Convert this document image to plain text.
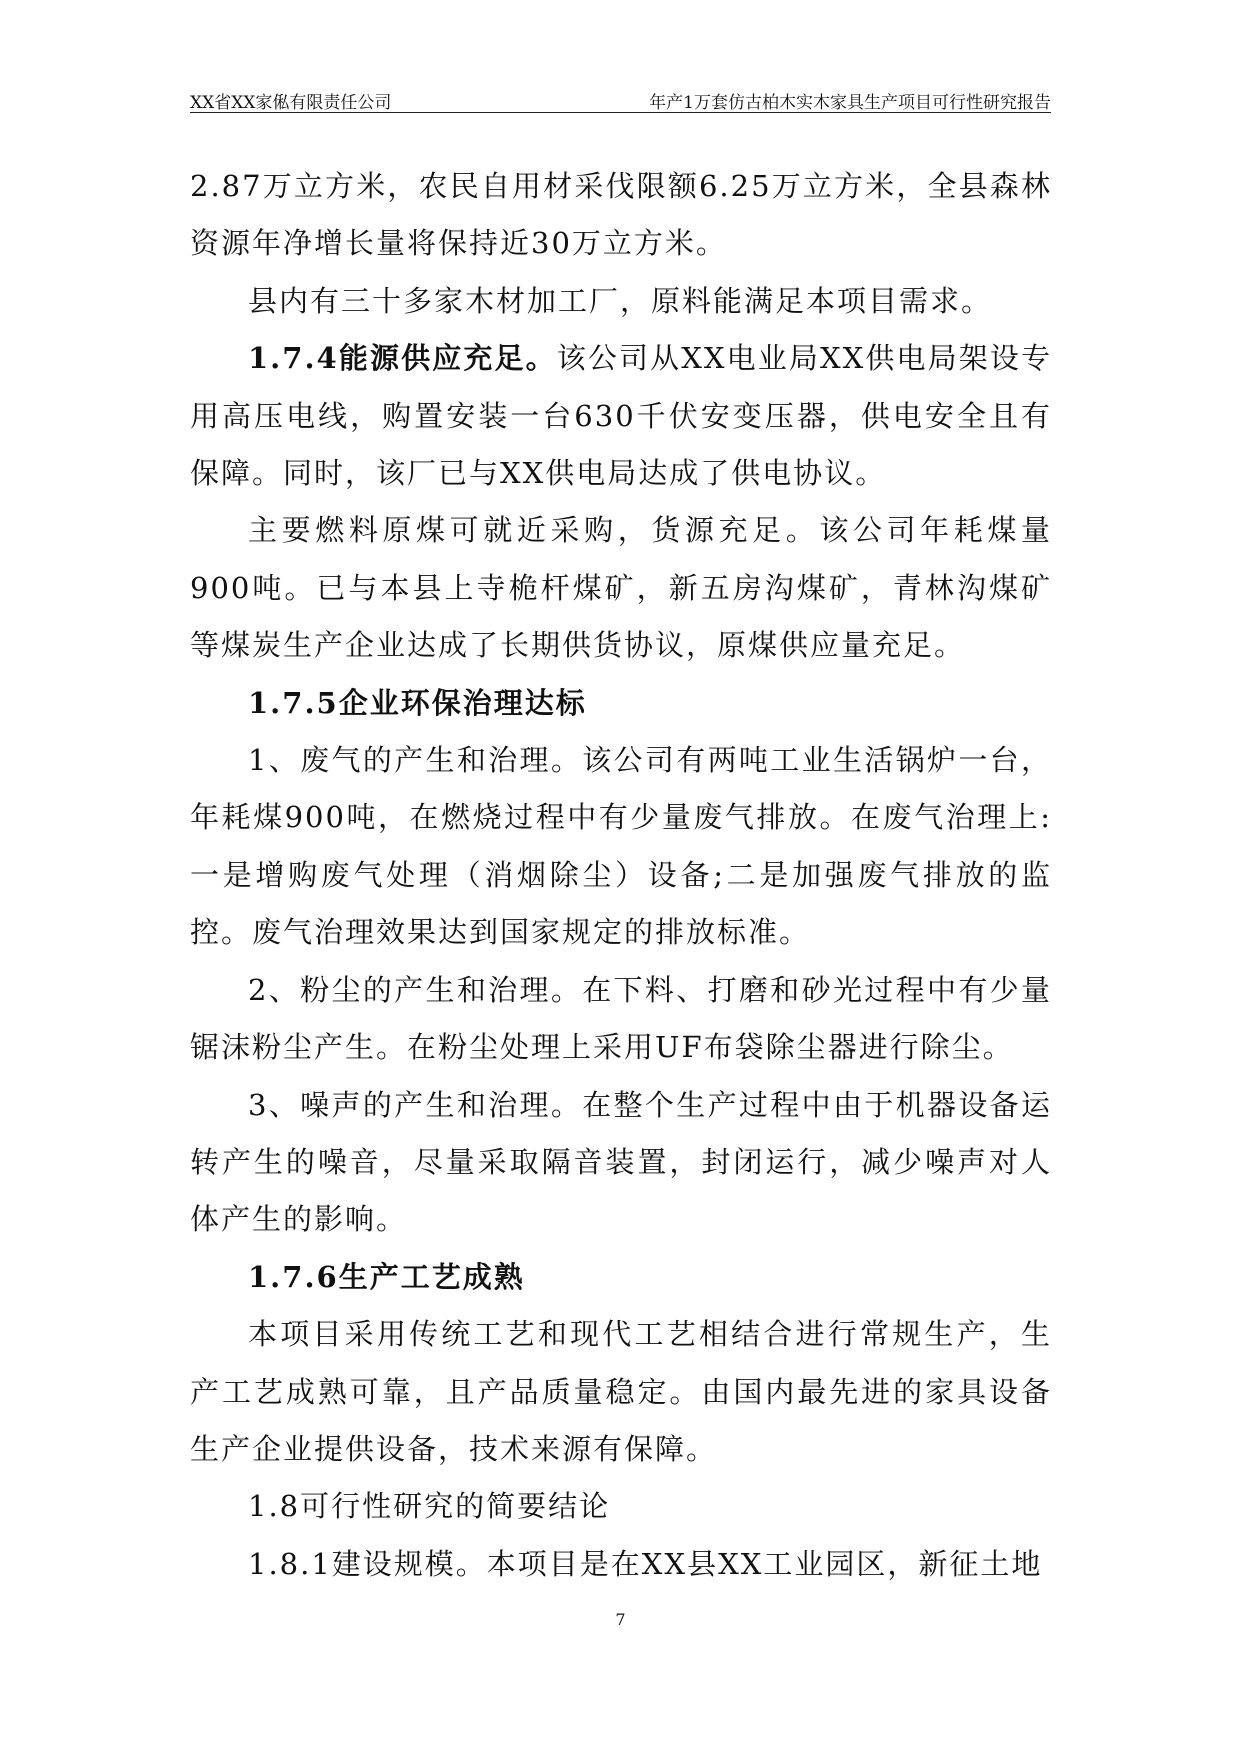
XX省XX家俬有限责任公司	年产1万套仿古柏木实木家具生产项目可行性研究报告

2.87万立方米，农民自用材采伐限额6.25万立方米，全县森林资源年净增长量将保持近30万立方米。

县内有三十多家木材加工厂，原料能满足本项目需求。

1.7.4能源供应充足。该公司从XX电业局XX供电局架设专用高压电线，购置安装一台630千伏安变压器，供电安全且有保障。同时，该厂已与XX供电局达成了供电协议。

主要燃料原煤可就近采购，货源充足。该公司年耗煤量900吨。已与本县上寺桅杆煤矿，新五房沟煤矿，青林沟煤矿等煤炭生产企业达成了长期供货协议，原煤供应量充足。

1.7.5企业环保治理达标

1、废气的产生和治理。该公司有两吨工业生活锅炉一台，年耗煤900吨，在燃烧过程中有少量废气排放。在废气治理上:一是增购废气处理（消烟除尘）设备;二是加强废气排放的监控。废气治理效果达到国家规定的排放标准。

2、粉尘的产生和治理。在下料、打磨和砂光过程中有少量锯沫粉尘产生。在粉尘处理上采用UF布袋除尘器进行除尘。

3、噪声的产生和治理。在整个生产过程中由于机器设备运转产生的噪音，尽量采取隔音装置，封闭运行，减少噪声对人体产生的影响。

1.7.6生产工艺成熟

本项目采用传统工艺和现代工艺相结合进行常规生产，生产工艺成熟可靠，且产品质量稳定。由国内最先进的家具设备生产企业提供设备，技术来源有保障。

1.8可行性研究的简要结论

1.8.1建设规模。本项目是在XX县XX工业园区，新征土地

7
